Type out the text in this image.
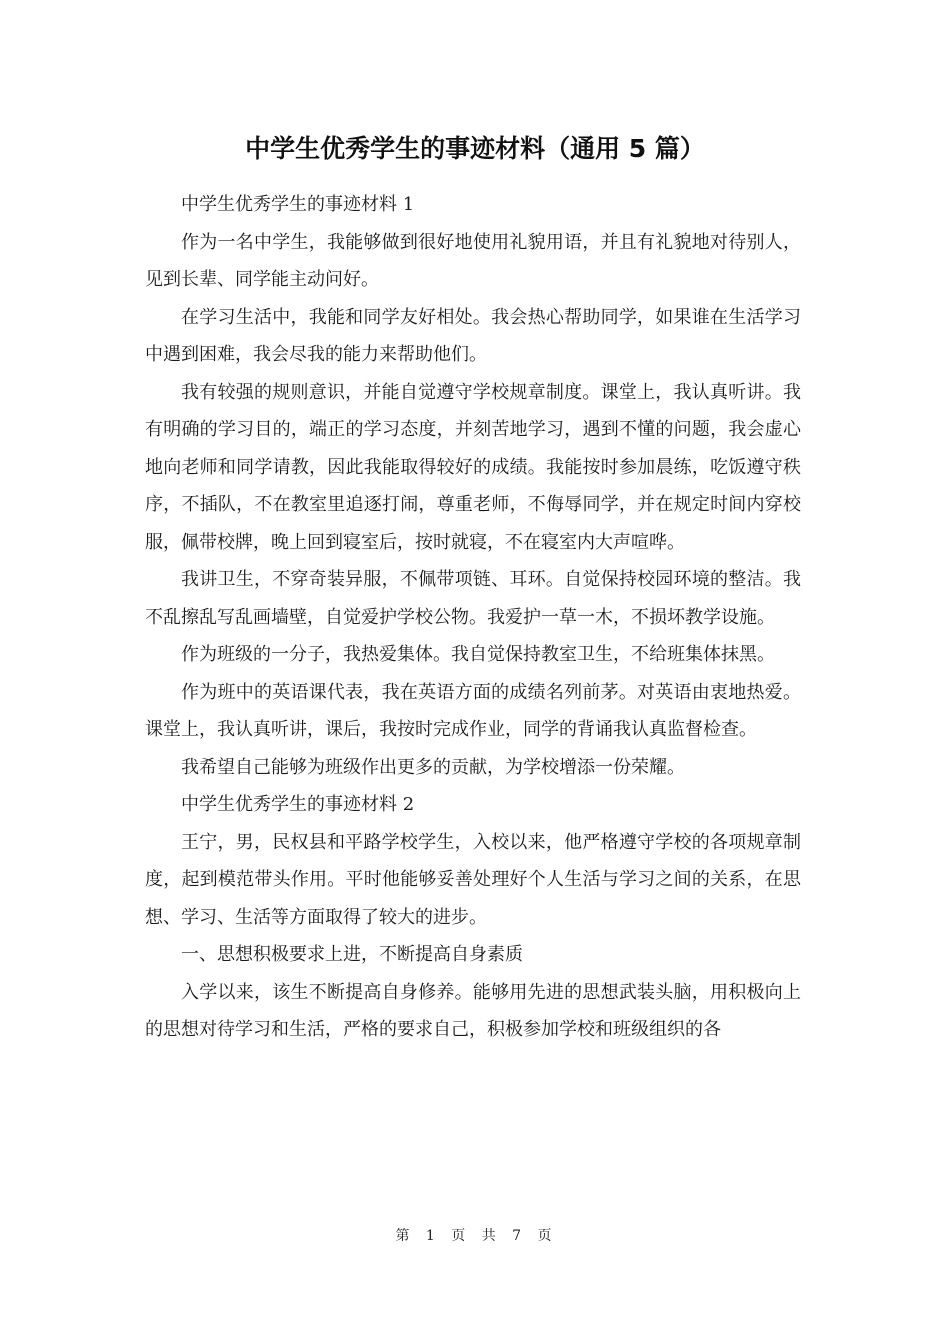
中学生优秀学生的事迹材料（通用 5 篇）

中学生优秀学生的事迹材料 1

作为一名中学生，我能够做到很好地使用礼貌用语，并且有礼貌地对待别人，见到长辈、同学能主动问好。

在学习生活中，我能和同学友好相处。我会热心帮助同学，如果谁在生活学习中遇到困难，我会尽我的能力来帮助他们。

我有较强的规则意识，并能自觉遵守学校规章制度。课堂上，我认真听讲。我有明确的学习目的，端正的学习态度，并刻苦地学习，遇到不懂的问题，我会虚心地向老师和同学请教，因此我能取得较好的成绩。我能按时参加晨练，吃饭遵守秩序，不插队，不在教室里追逐打闹，尊重老师，不侮辱同学，并在规定时间内穿校服，佩带校牌，晚上回到寝室后，按时就寝，不在寝室内大声喧哗。

我讲卫生，不穿奇装异服，不佩带项链、耳环。自觉保持校园环境的整洁。我不乱擦乱写乱画墙壁，自觉爱护学校公物。我爱护一草一木，不损坏教学设施。

作为班级的一分子，我热爱集体。我自觉保持教室卫生，不给班集体抹黑。

作为班中的英语课代表，我在英语方面的成绩名列前茅。对英语由衷地热爱。课堂上，我认真听讲，课后，我按时完成作业，同学的背诵我认真监督检查。

我希望自己能够为班级作出更多的贡献，为学校增添一份荣耀。

中学生优秀学生的事迹材料 2

王宁，男，民权县和平路学校学生，入校以来，他严格遵守学校的各项规章制度，起到模范带头作用。平时他能够妥善处理好个人生活与学习之间的关系，在思想、学习、生活等方面取得了较大的进步。

一、思想积极要求上进，不断提高自身素质

入学以来，该生不断提高自身修养。能够用先进的思想武装头脑，用积极向上的思想对待学习和生活，严格的要求自己，积极参加学校和班级组织的各

第 1 页 共 7 页
